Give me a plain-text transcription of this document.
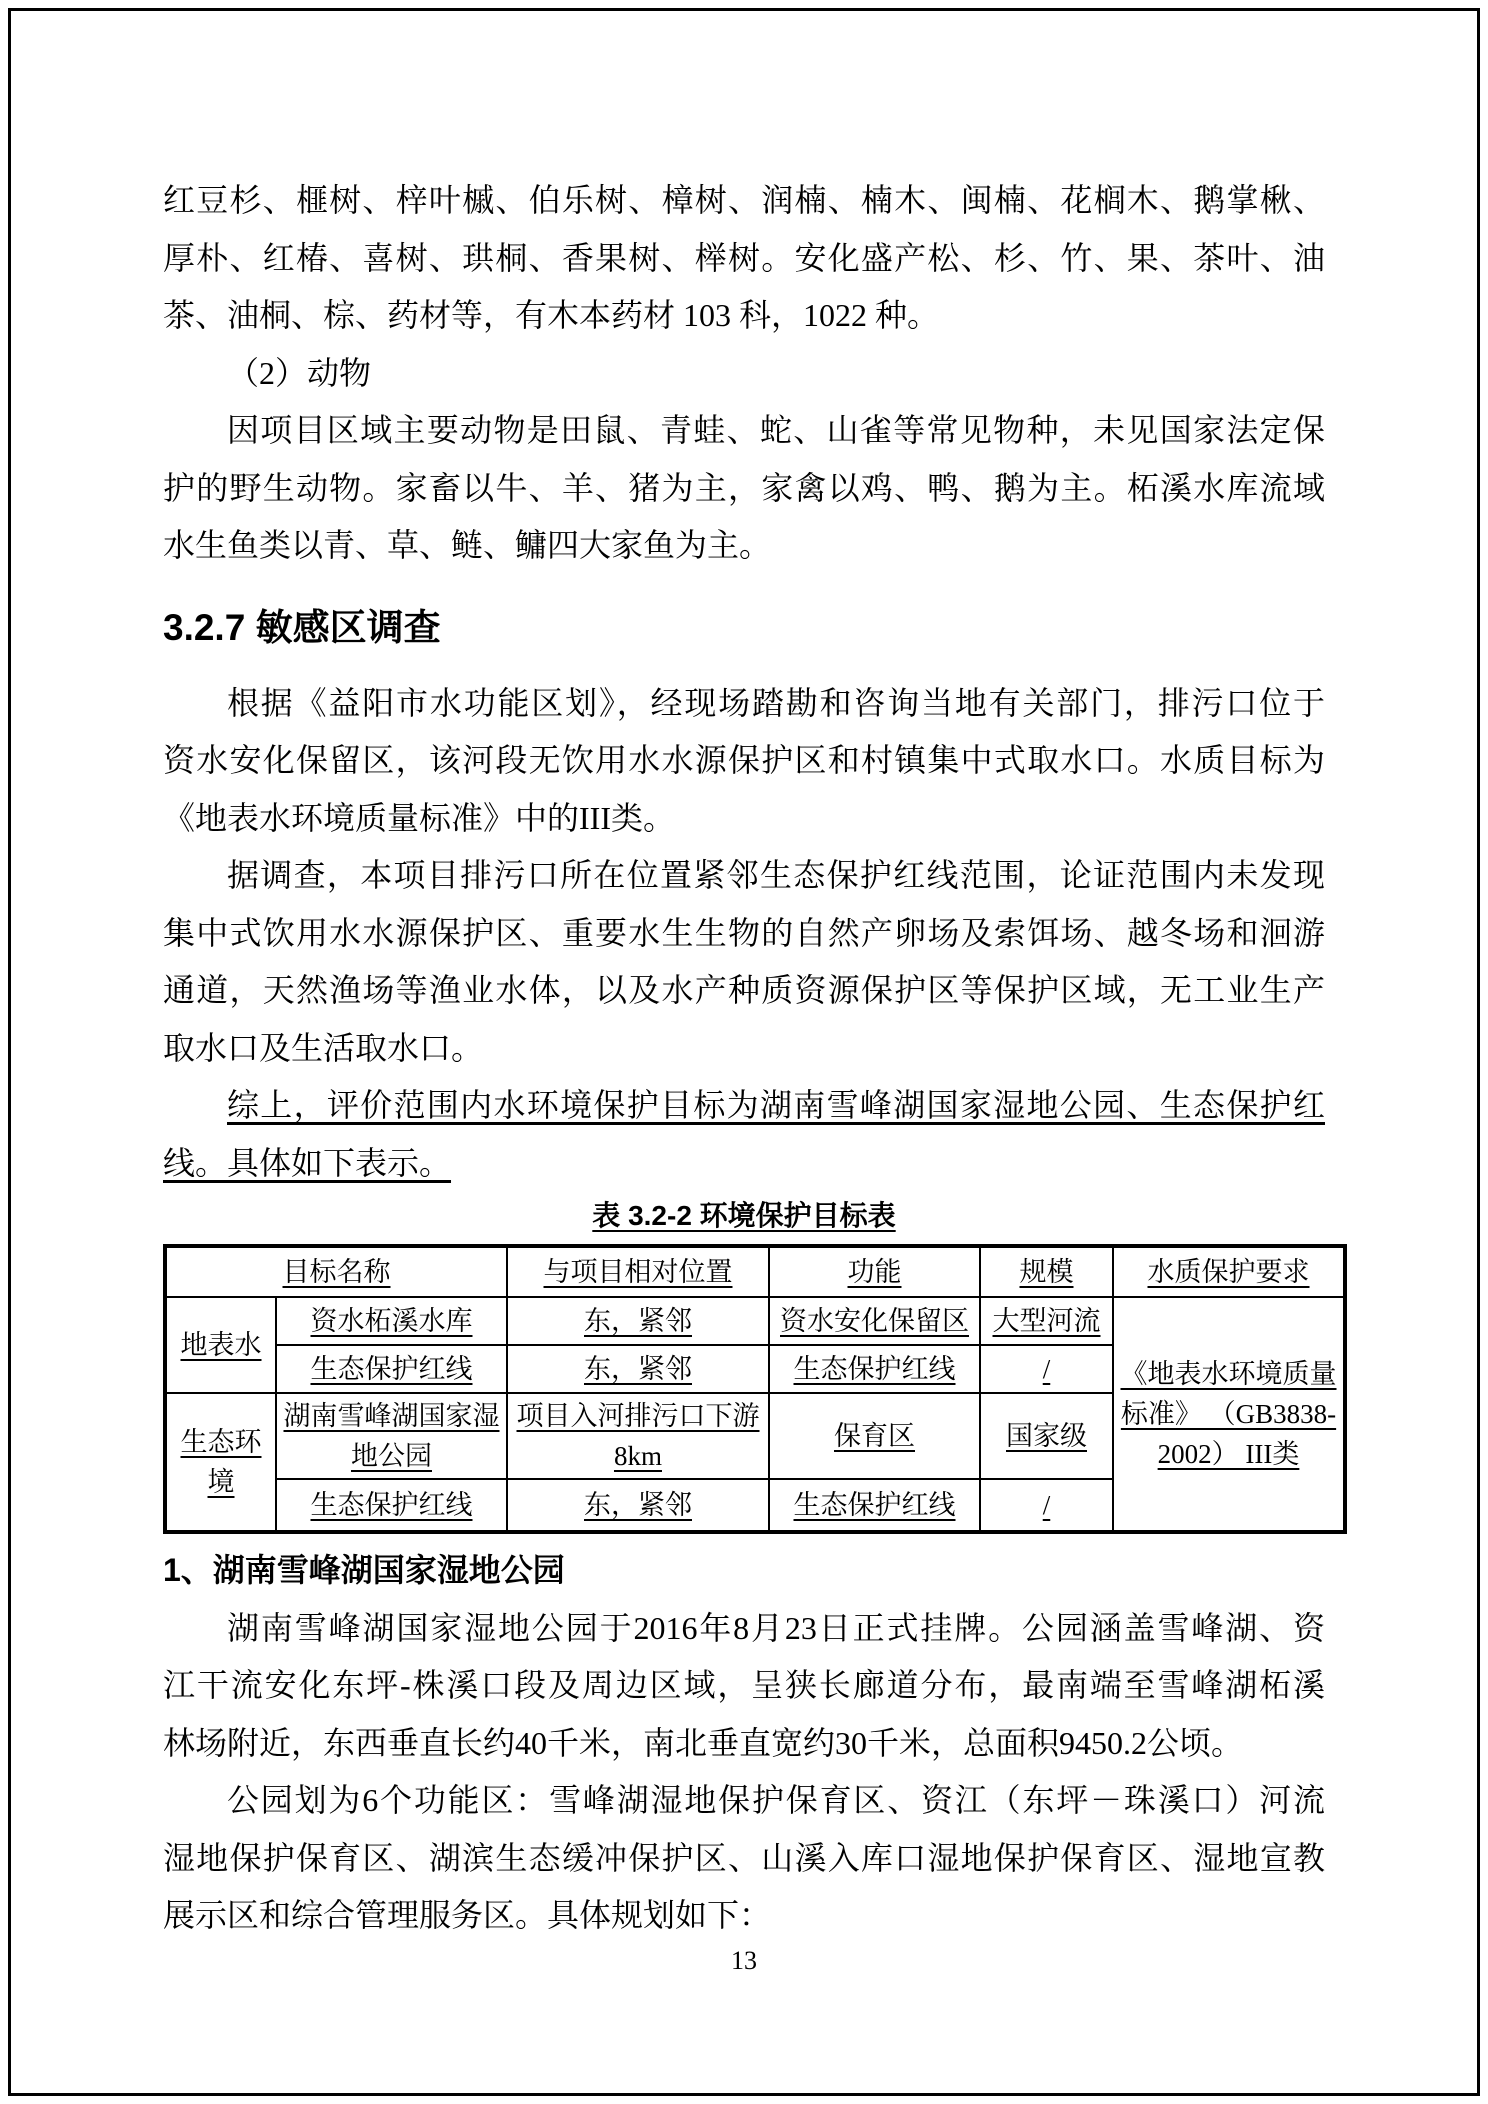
红豆杉、榧树、梓叶槭、伯乐树、樟树、润楠、楠木、闽楠、花榈木、鹅掌楸、
厚朴、红椿、喜树、珙桐、香果树、榉树。安化盛产松、杉、竹、果、茶叶、油
茶、油桐、棕、药材等，有木本药材 103 科，1022 种。
（2）动物
因项目区域主要动物是田鼠、青蛙、蛇、山雀等常见物种，未见国家法定保
护的野生动物。家畜以牛、羊、猪为主，家禽以鸡、鸭、鹅为主。柘溪水库流域
水生鱼类以青、草、鲢、鳙四大家鱼为主。
3.2.7 敏感区调查
根据《益阳市水功能区划》，经现场踏勘和咨询当地有关部门，排污口位于
资水安化保留区，该河段无饮用水水源保护区和村镇集中式取水口。水质目标为
《地表水环境质量标准》中的III类。
据调查，本项目排污口所在位置紧邻生态保护红线范围，论证范围内未发现
集中式饮用水水源保护区、重要水生生物的自然产卵场及索饵场、越冬场和洄游
通道，天然渔场等渔业水体，以及水产种质资源保护区等保护区域，无工业生产
取水口及生活取水口。
综上，评价范围内水环境保护目标为湖南雪峰湖国家湿地公园、生态保护红
线。具体如下表示。
表 3.2-2 环境保护目标表
目标名称		与项目相对位置	功能	规模	水质保护要求
地表水	资水柘溪水库	东，紧邻	资水安化保留区	大型河流	《地表水环境质量标准》 （GB3838-2002） III类
	生态保护红线	东，紧邻	生态保护红线	/	
生态环境	湖南雪峰湖国家湿地公园	项目入河排污口下游8km	保育区	国家级	
	生态保护红线	东，紧邻	生态保护红线	/	
1、湖南雪峰湖国家湿地公园
湖南雪峰湖国家湿地公园于2016年8月23日正式挂牌。公园涵盖雪峰湖、资
江干流安化东坪-株溪口段及周边区域，呈狭长廊道分布，最南端至雪峰湖柘溪
林场附近，东西垂直长约40千米，南北垂直宽约30千米，总面积9450.2公顷。
公园划为6个功能区：雪峰湖湿地保护保育区、资江（东坪－珠溪口）河流
湿地保护保育区、湖滨生态缓冲保护区、山溪入库口湿地保护保育区、湿地宣教
展示区和综合管理服务区。具体规划如下：
13
